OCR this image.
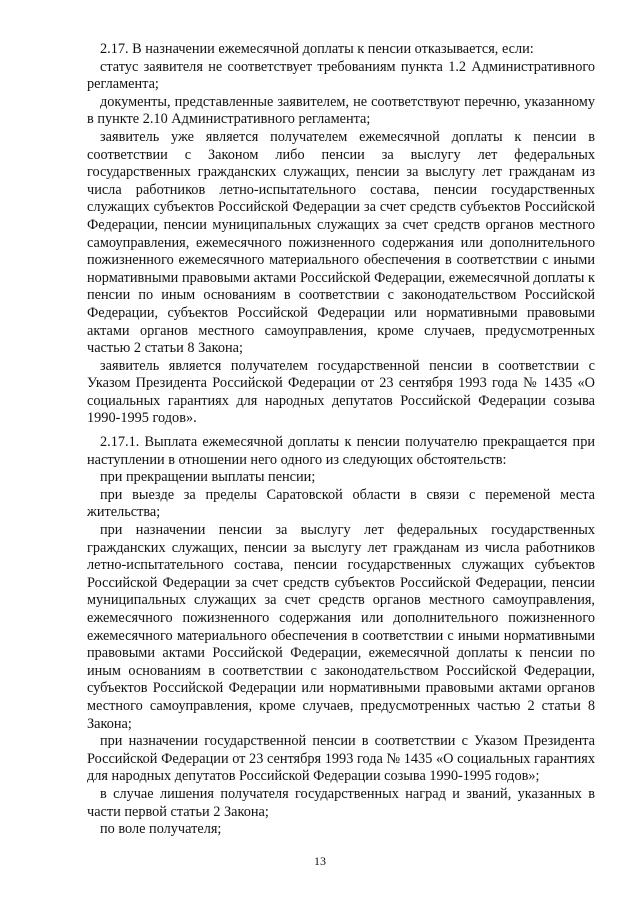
2.17. В назначении ежемесячной доплаты к пенсии отказывается, если:

статус заявителя не соответствует требованиям пункта 1.2 Административного регламента;

документы, представленные заявителем, не соответствуют перечню, указанному в пункте 2.10 Административного регламента;

заявитель уже является получателем ежемесячной доплаты к пенсии в соответствии с Законом либо пенсии за выслугу лет федеральных государственных гражданских служащих, пенсии за выслугу лет гражданам из числа работников летно-испытательного состава, пенсии государственных служащих субъектов Российской Федерации за счет средств субъектов Российской Федерации, пенсии муниципальных служащих за счет средств органов местного самоуправления, ежемесячного пожизненного содержания или дополнительного пожизненного ежемесячного материального обеспечения в соответствии с иными нормативными правовыми актами Российской Федерации, ежемесячной доплаты к пенсии по иным основаниям в соответствии с законодательством Российской Федерации, субъектов Российской Федерации или нормативными правовыми актами органов местного самоуправления, кроме случаев, предусмотренных частью 2 статьи 8 Закона;

заявитель является получателем государственной пенсии в соответствии с Указом Президента Российской Федерации от 23 сентября 1993 года № 1435 «О социальных гарантиях для народных депутатов Российской Федерации созыва 1990-1995 годов».

2.17.1. Выплата ежемесячной доплаты к пенсии получателю прекращается при наступлении в отношении него одного из следующих обстоятельств:

при прекращении выплаты пенсии;

при выезде за пределы Саратовской области в связи с переменой места жительства;

при назначении пенсии за выслугу лет федеральных государственных гражданских служащих, пенсии за выслугу лет гражданам из числа работников летно-испытательного состава, пенсии государственных служащих субъектов Российской Федерации за счет средств субъектов Российской Федерации, пенсии муниципальных служащих за счет средств органов местного самоуправления, ежемесячного пожизненного содержания или дополнительного пожизненного ежемесячного материального обеспечения в соответствии с иными нормативными правовыми актами Российской Федерации, ежемесячной доплаты к пенсии по иным основаниям в соответствии с законодательством Российской Федерации, субъектов Российской Федерации или нормативными правовыми актами органов местного самоуправления, кроме случаев, предусмотренных частью 2 статьи 8 Закона;

при назначении государственной пенсии в соответствии с Указом Президента Российской Федерации от 23 сентября 1993 года № 1435 «О социальных гарантиях для народных депутатов Российской Федерации созыва 1990-1995 годов»;

в случае лишения получателя государственных наград и званий, указанных в части первой статьи 2 Закона;

по воле получателя;

13
